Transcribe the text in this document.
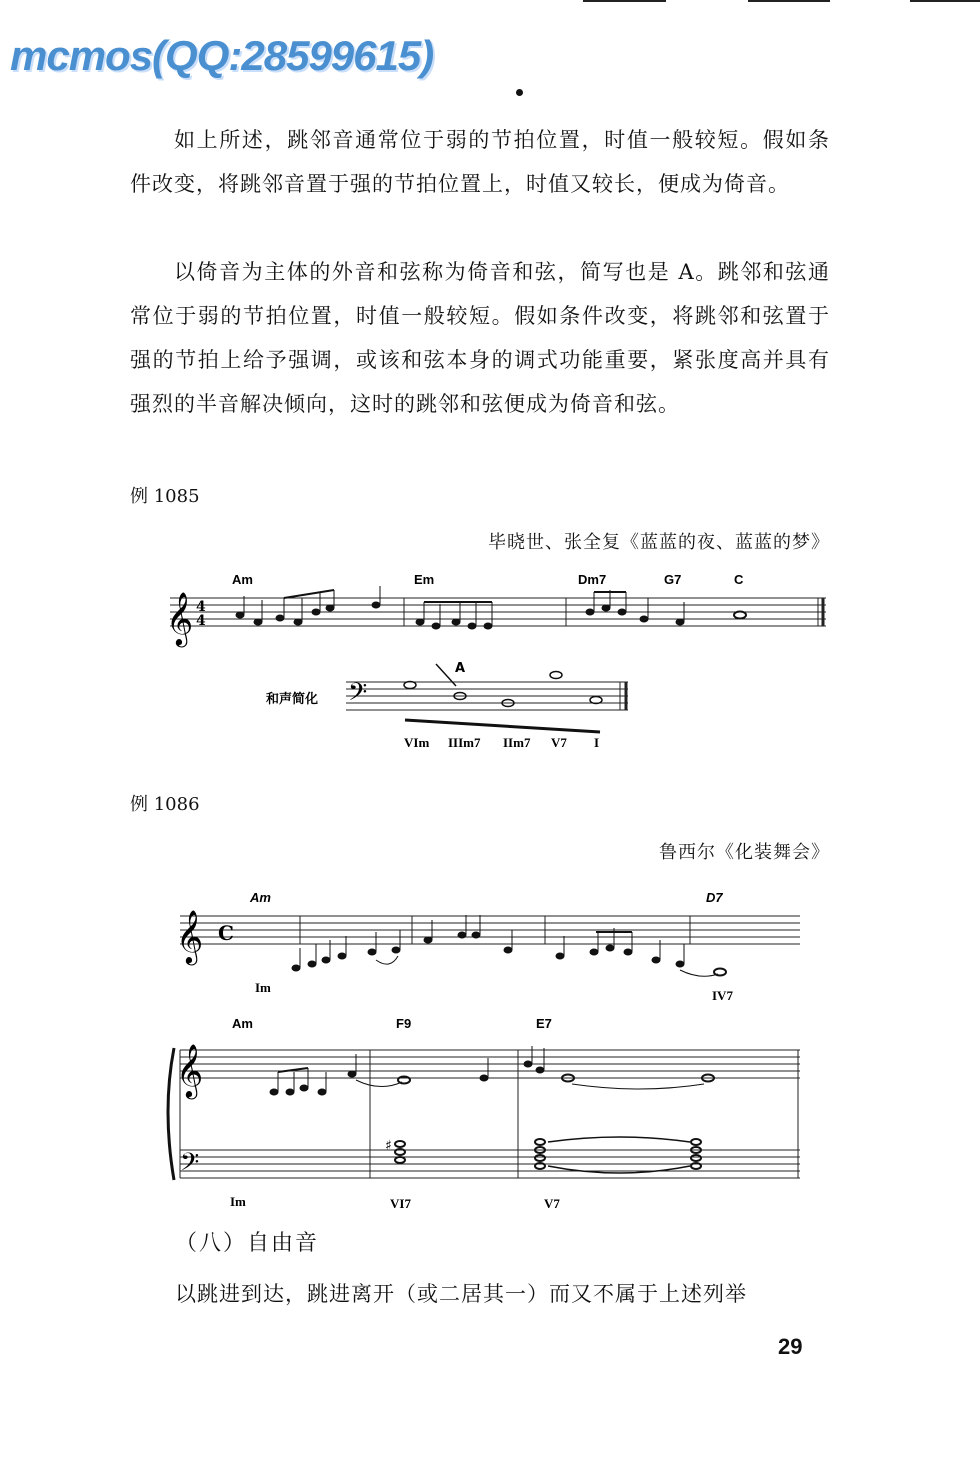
mcmos(QQ:28599615)

如上所述，跳邻音通常位于弱的节拍位置，时值一般较短。假如条件改变，将跳邻音置于强的节拍位置上，时值又较长，便成为倚音。

以倚音为主体的外音和弦称为倚音和弦，简写也是 A。跳邻和弦通常位于弱的节拍位置，时值一般较短。假如条件改变，将跳邻和弦置于强的节拍上给予强调，或该和弦本身的调式功能重要，紧张度高并具有强烈的半音解决倾向，这时的跳邻和弦便成为倚音和弦。

例 1085
毕晓世、张全复《蓝蓝的夜、蓝蓝的梦》
Am	Em	Dm7	G7	C
𝄞 4
4
和声简化 𝄢
A
VIm IIIm7 IIm7 V7 I
例 1086
鲁西尔《化装舞会》
Am	D7
𝄞 C
Im
IV7
Am	F9	E7
𝄞
𝄢
♯
Im	VI7	V7
（八）自由音
以跳进到达，跳进离开（或二居其一）而又不属于上述列举
29
